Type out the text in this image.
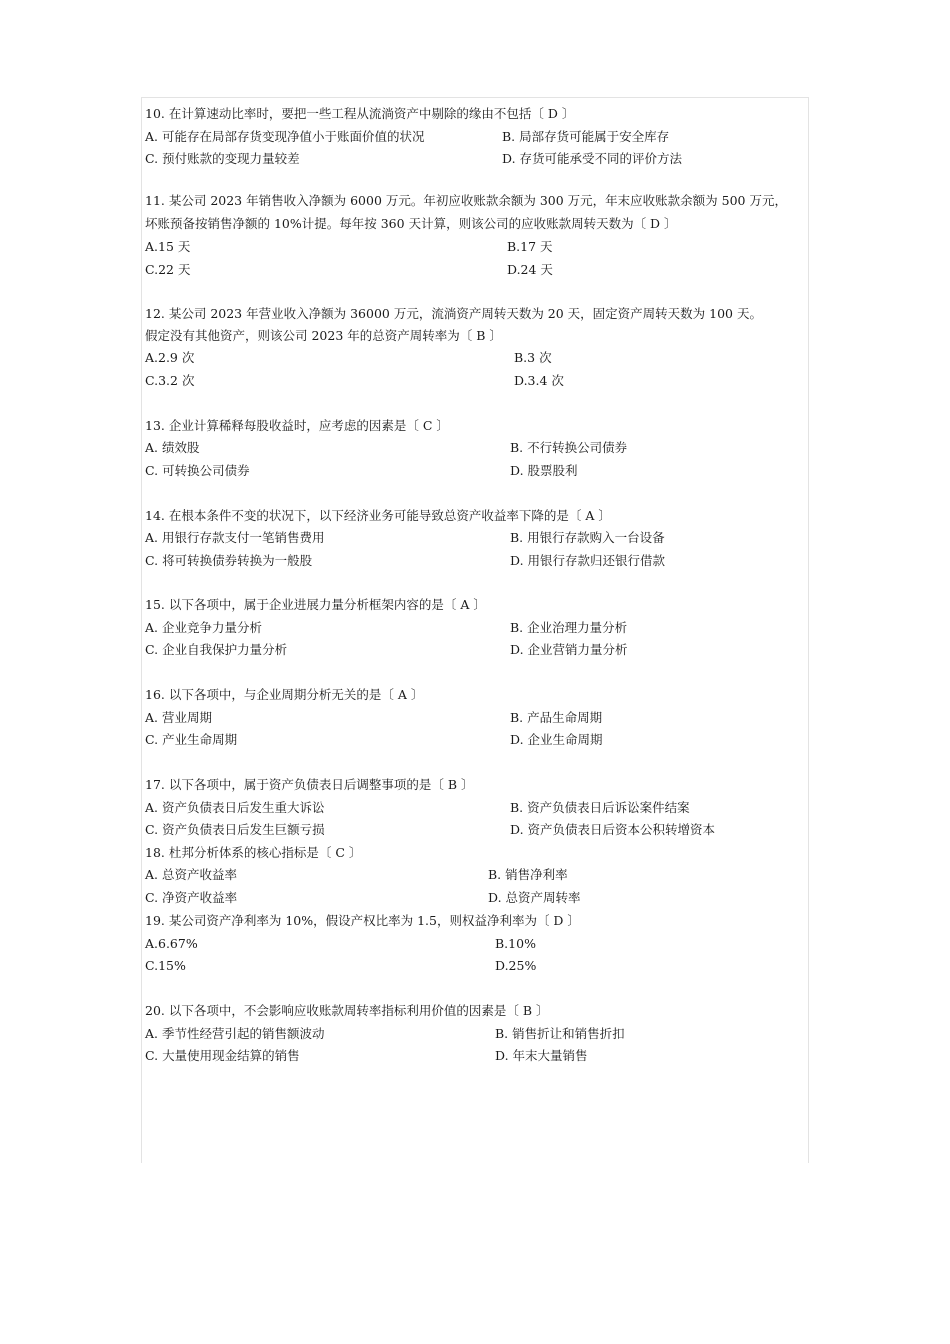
10. 在计算速动比率时，要把一些工程从流淌资产中剔除的缘由不包括〔 D 〕
A. 可能存在局部存货变现净值小于账面价值的状况	B. 局部存货可能属于安全库存
C. 预付账款的变现力量较差	D. 存货可能承受不同的评价方法
11. 某公司 2023 年销售收入净额为 6000 万元。年初应收账款余额为 300 万元，年末应收账款余额为 500 万元，
坏账预备按销售净额的 10%计提。每年按 360 天计算，则该公司的应收账款周转天数为〔 D 〕
A.15 天	B.17 天
C.22 天	D.24 天
12. 某公司 2023 年营业收入净额为 36000 万元，流淌资产周转天数为 20 天，固定资产周转天数为 100 天。
假定没有其他资产，则该公司 2023 年的总资产周转率为〔 B 〕
A.2.9 次	B.3 次
C.3.2 次	D.3.4 次
13. 企业计算稀释每股收益时，应考虑的因素是〔 C 〕
A. 绩效股	B. 不行转换公司债券
C. 可转换公司债券	D. 股票股利
14. 在根本条件不变的状况下，以下经济业务可能导致总资产收益率下降的是〔 A 〕
A. 用银行存款支付一笔销售费用	B. 用银行存款购入一台设备
C. 将可转换债券转换为一般股	D. 用银行存款归还银行借款
15. 以下各项中，属于企业进展力量分析框架内容的是〔 A 〕
A. 企业竞争力量分析	B. 企业治理力量分析
C. 企业自我保护力量分析	D. 企业营销力量分析
16. 以下各项中，与企业周期分析无关的是〔 A 〕
A. 营业周期	B. 产品生命周期
C. 产业生命周期	D. 企业生命周期
17. 以下各项中，属于资产负债表日后调整事项的是〔 B 〕
A. 资产负债表日后发生重大诉讼	B. 资产负债表日后诉讼案件结案
C. 资产负债表日后发生巨额亏损	D. 资产负债表日后资本公积转增资本
18. 杜邦分析体系的核心指标是〔 C 〕
A. 总资产收益率	B. 销售净利率
C. 净资产收益率	D. 总资产周转率
19. 某公司资产净利率为 10%，假设产权比率为 1.5，则权益净利率为〔 D 〕
A.6.67%	B.10%
C.15%	D.25%
20. 以下各项中，不会影响应收账款周转率指标利用价值的因素是〔 B 〕
A. 季节性经营引起的销售额波动	B. 销售折让和销售折扣
C. 大量使用现金结算的销售	D. 年末大量销售
